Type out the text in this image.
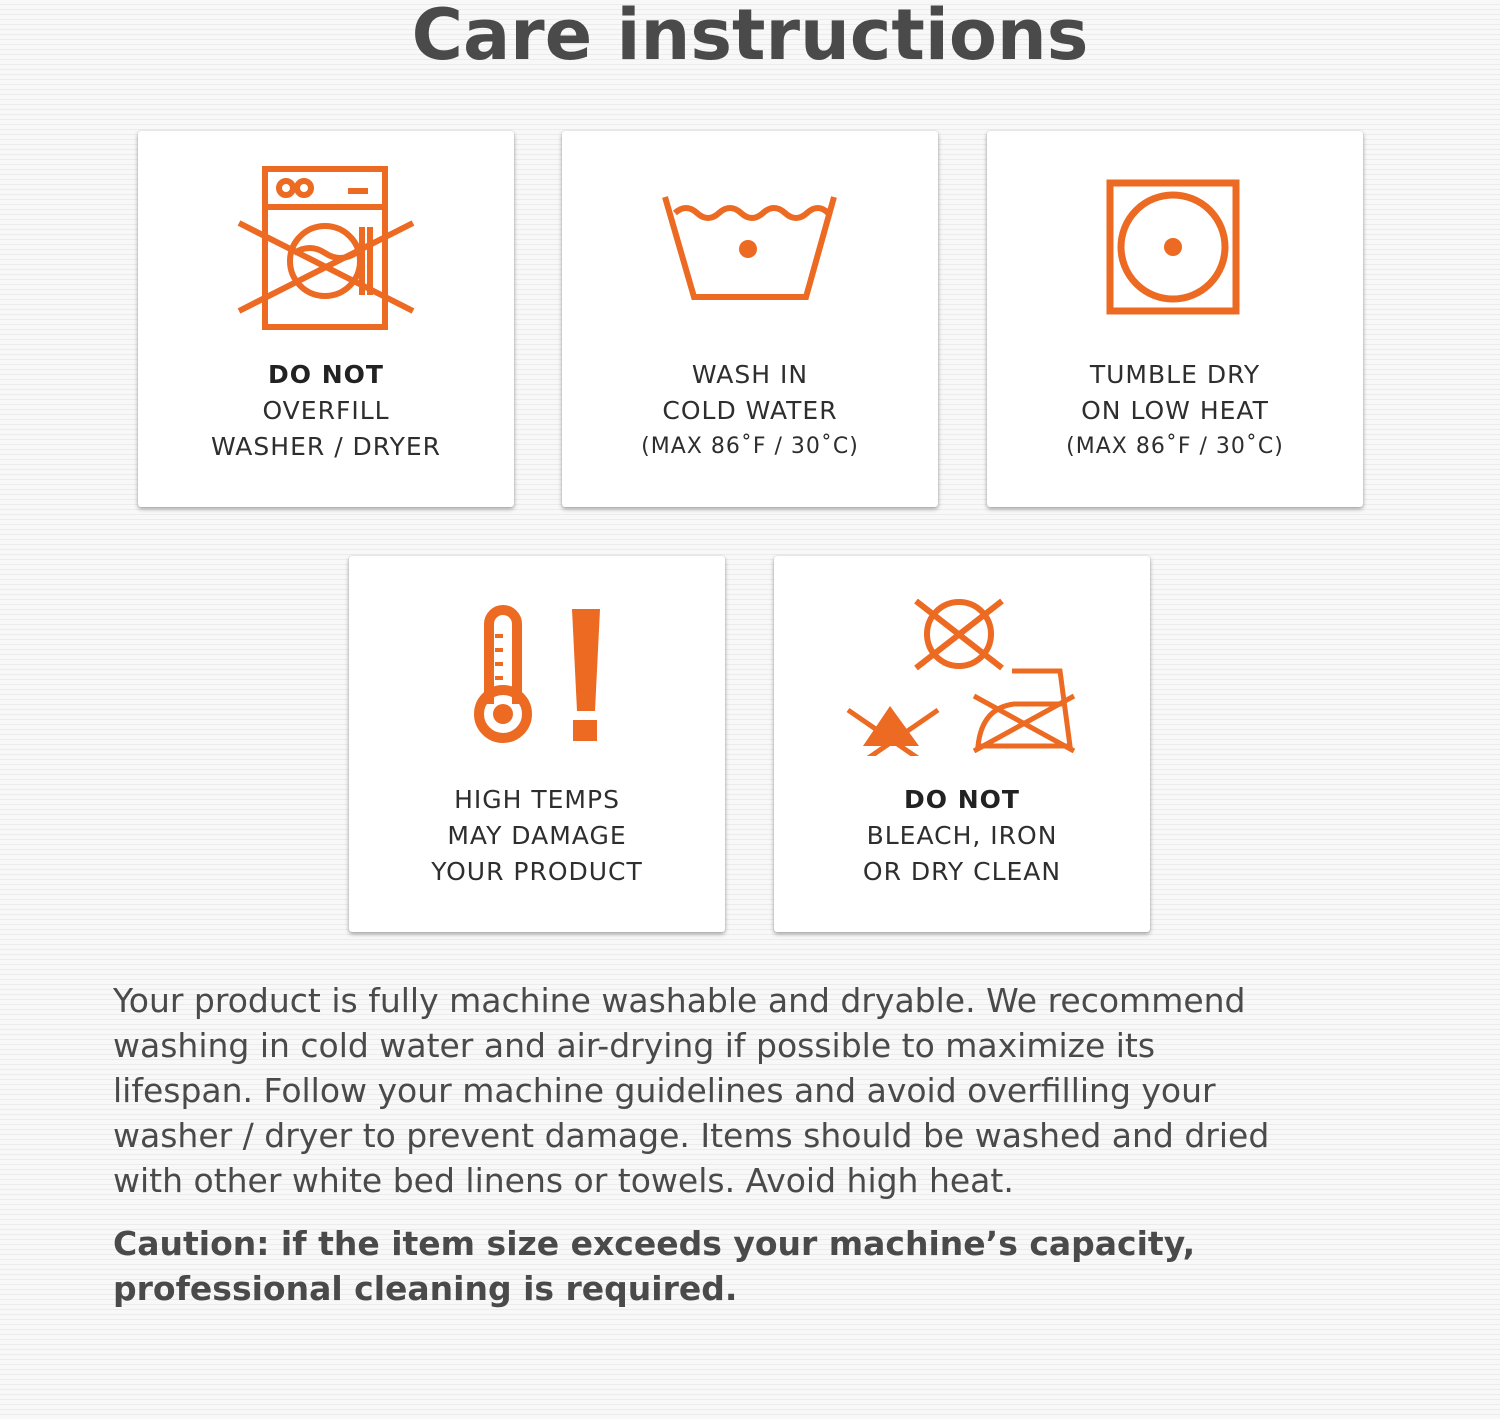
Care instructions
DO NOT
OVERFILL
WASHER / DRYER
WASH IN
COLD WATER
(MAX 86˚F / 30˚C)
TUMBLE DRY
ON LOW HEAT
(MAX 86˚F / 30˚C)
HIGH TEMPS
MAY DAMAGE
YOUR PRODUCT
DO NOT
BLEACH, IRON
OR DRY CLEAN
Your product is fully machine washable and dryable. We recommend
washing in cold water and air-drying if possible to maximize its
lifespan. Follow your machine guidelines and avoid overfilling your
washer / dryer to prevent damage. Items should be washed and dried
with other white bed linens or towels. Avoid high heat.
Caution: if the item size exceeds your machine’s capacity,
professional cleaning is required.
